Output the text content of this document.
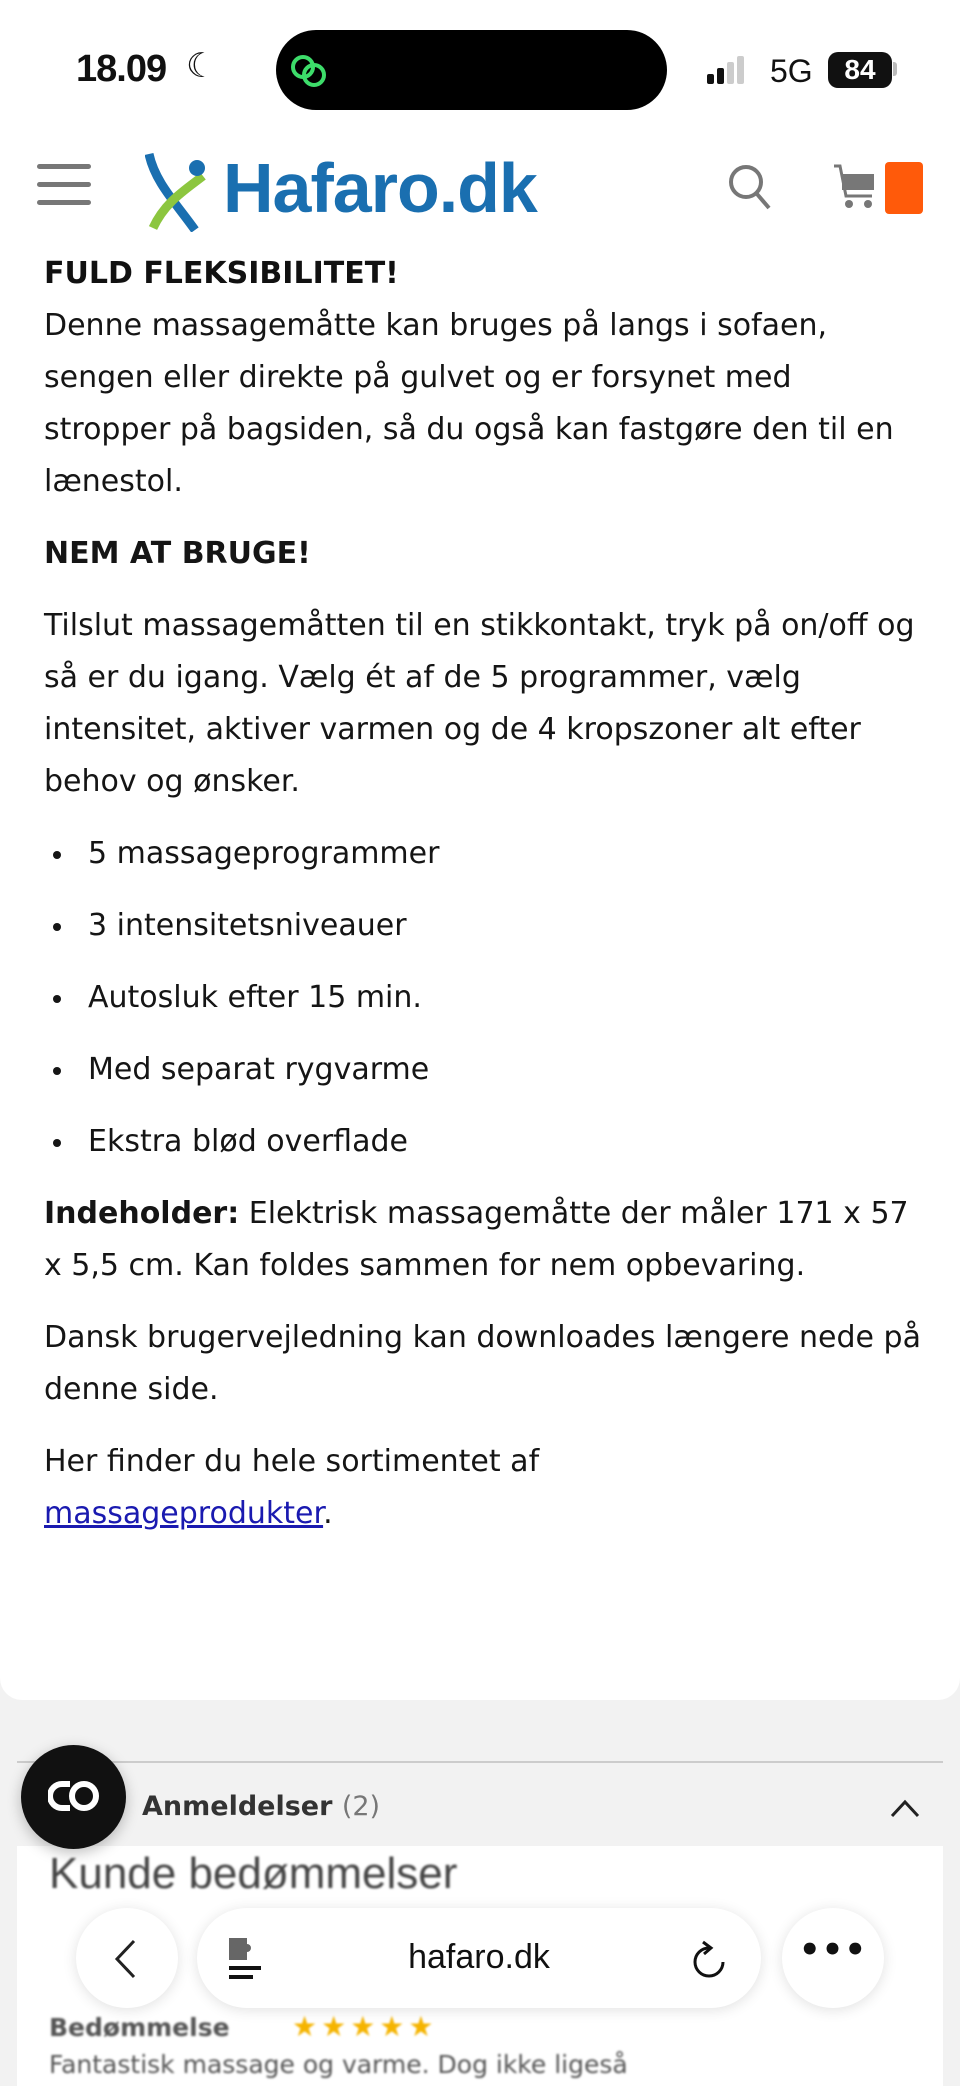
FULD FLEKSIBILITET!

Denne massagemåtte kan bruges på langs i sofaen, sengen eller direkte på gulvet og er forsynet med stropper på bagsiden, så du også kan fastgøre den til en lænestol.

NEM AT BRUGE!

Tilslut massagemåtten til en stikkontakt, tryk på on/off og så er du igang. Vælg ét af de 5 programmer, vælg intensitet, aktiver varmen og de 4 kropszoner alt efter behov og ønsker.

5 massageprogrammer
3 intensitetsniveauer
Autosluk efter 15 min.
Med separat rygvarme
Ekstra blød overflade

Indeholder: Elektrisk massagemåtte der måler 171 x 57 x 5,5 cm. Kan foldes sammen for nem opbevaring.

Dansk brugervejledning kan downloades længere nede på denne side.

Her finder du hele sortimentet af massageprodukter.

Anmeldelser (2)
Kunde bedømmelser
Bedømmelse ★★★★★
Fantastisk massage og varme. Dog ikke ligeså
hafaro.dk	•••
18.09 ☾	5G	84
Hafaro.dk
